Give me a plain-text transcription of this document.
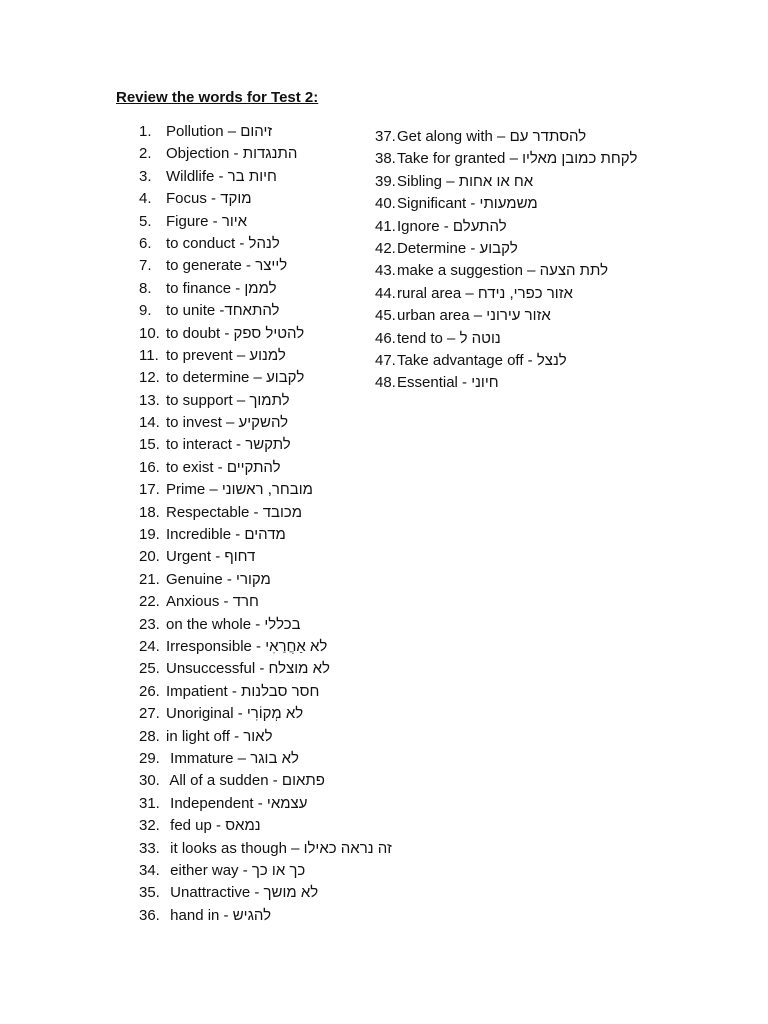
Review the words for Test 2:
1. Pollution – זיהום
2. Objection - התנגדות
3. Wildlife - חיות בר
4. Focus - מוקד
5. Figure - איור
6. to conduct - לנהל
7. to generate - לייצר
8. to finance - לממן
9. to unite -להתאחד
10. to doubt - להטיל ספק
11. to prevent – למנוע
12. to determine – לקבוע
13. to support – לתמוך
14. to invest – להשקיע
15. to interact - לתקשר
16. to exist - להתקיים
17. Prime – מובחר, ראשוני
18. Respectable - מכובד
19. Incredible - מדהים
20. Urgent - דחוף
21. Genuine - מקורי
22. Anxious - חרד
23. on the whole - בכללי
24. Irresponsible - לא אַחֲרַאִי
25. Unsuccessful - לא מוצלח
26. Impatient - חסר סבלנות
27. Unoriginal - לא מְקוֹרִי
28. in light off - לאור
29. Immature – לא בוגר
30. All of a sudden - פתאום
31. Independent - עצמאי
32. fed up - נמאס
33. it looks as though – זה נראה כאילו
34. either way - כך או כך
35. Unattractive - לא מושך
36. hand in - להגיש
37.Get along with – להסתדר עם
38.Take for granted – לקחת כמובן מאליו
39.Sibling – אח או אחות
40.Significant - משמעותי
41.Ignore - להתעלם
42.Determine - לקבוע
43.make a suggestion – לתת הצעה
44.rural area – אזור כפרי, נידח
45.urban area – אזור עירוני
46.tend to – נוטה ל
47.Take advantage off - לנצל
48.Essential - חיוני
